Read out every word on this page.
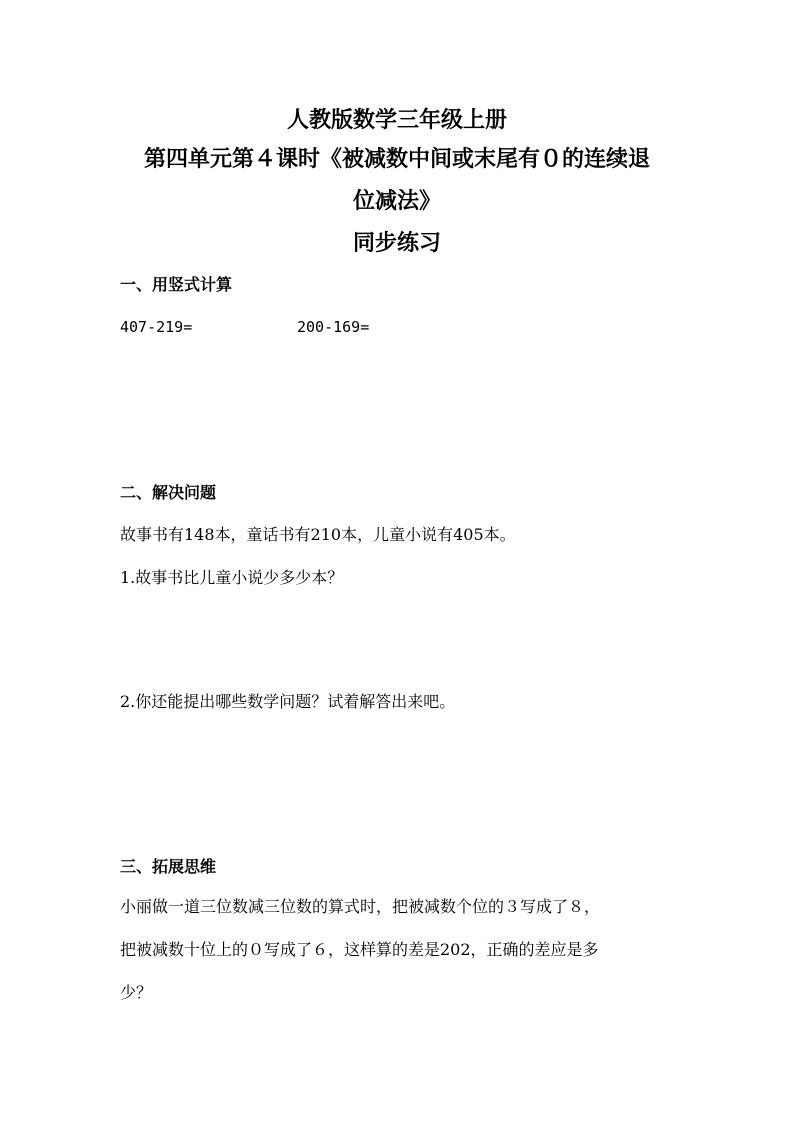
人教版数学三年级上册
第四单元第４课时《被减数中间或末尾有０的连续退
位减法》
同步练习
一、用竖式计算
407-219=	200-169=
二、解决问题
故事书有148本，童话书有210本，儿童小说有405本。
1.故事书比儿童小说少多少本？
2.你还能提出哪些数学问题？试着解答出来吧。
三、拓展思维
小丽做一道三位数减三位数的算式时，把被减数个位的３写成了８，
把被减数十位上的０写成了６，这样算的差是202，正确的差应是多
少？
